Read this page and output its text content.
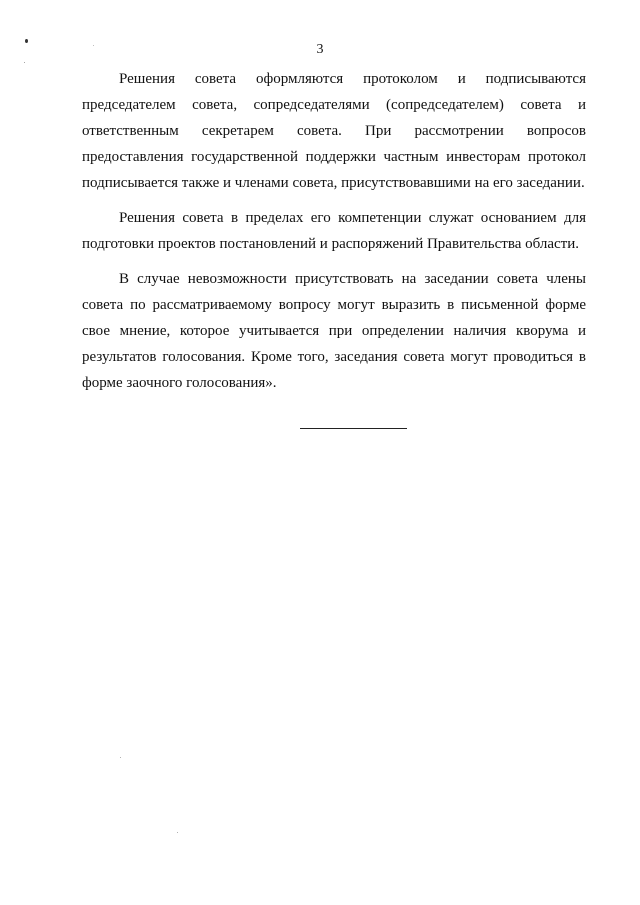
3

Решения совета оформляются протоколом и подписываются председателем совета, сопредседателями (сопредседателем) совета и ответственным секретарем совета. При рассмотрении вопросов предоставления государственной поддержки частным инвесторам протокол подписывается также и членами совета, присутствовавшими на его заседании.

Решения совета в пределах его компетенции служат основанием для подготовки проектов постановлений и распоряжений Правительства области.

В случае невозможности присутствовать на заседании совета члены совета по рассматриваемому вопросу могут выразить в письменной форме свое мнение, которое учитывается при определении наличия кворума и результатов голосования. Кроме того, заседания совета могут проводиться в форме заочного голосования».
